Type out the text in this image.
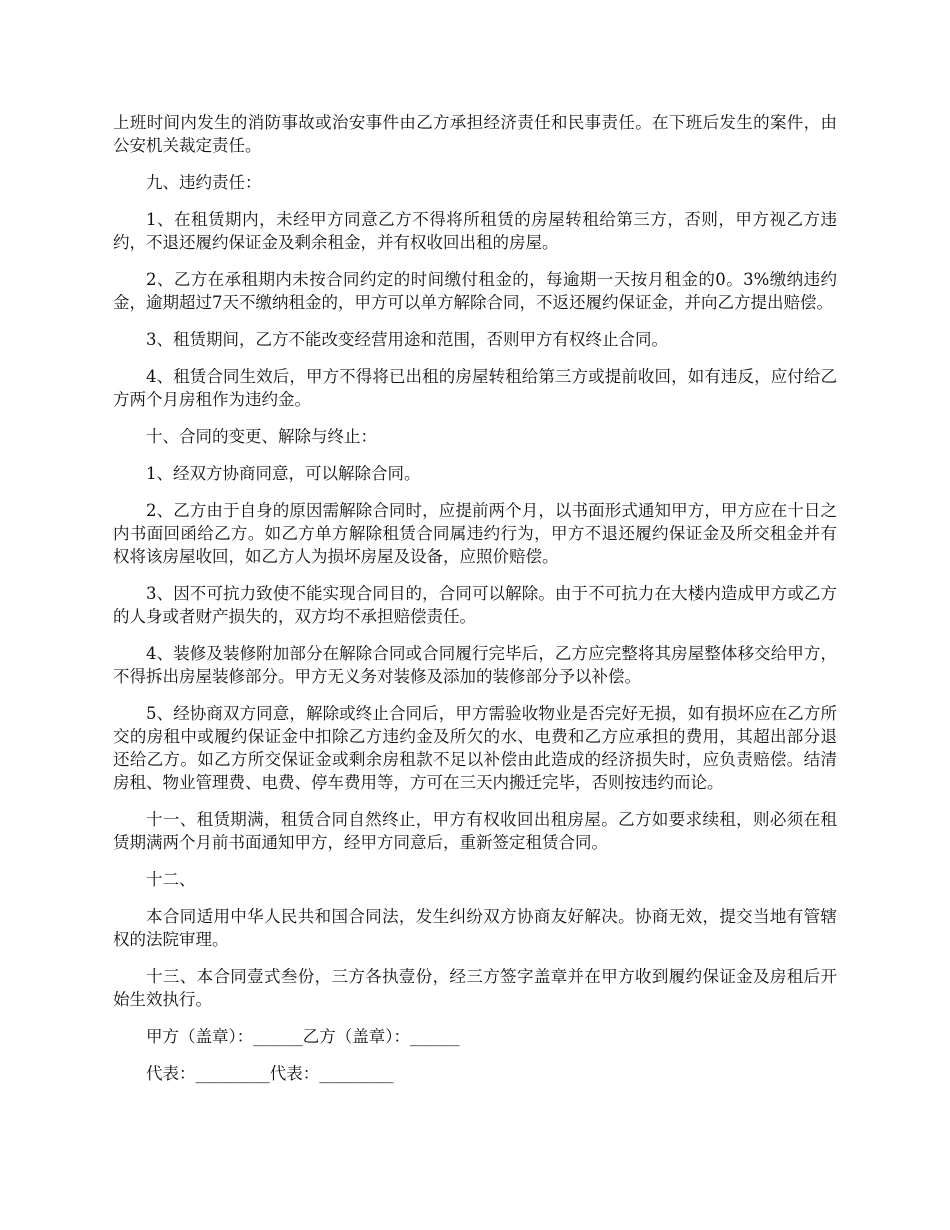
上班时间内发生的消防事故或治安事件由乙方承担经济责任和民事责任。在下班后发生的案件，由公安机关裁定责任。

九、违约责任：

1、在租赁期内，未经甲方同意乙方不得将所租赁的房屋转租给第三方，否则，甲方视乙方违约，不退还履约保证金及剩余租金，并有权收回出租的房屋。

2、乙方在承租期内未按合同约定的时间缴付租金的，每逾期一天按月租金的0。3%缴纳违约金，逾期超过7天不缴纳租金的，甲方可以单方解除合同，不返还履约保证金，并向乙方提出赔偿。

3、租赁期间，乙方不能改变经营用途和范围，否则甲方有权终止合同。

4、租赁合同生效后，甲方不得将已出租的房屋转租给第三方或提前收回，如有违反，应付给乙方两个月房租作为违约金。

十、合同的变更、解除与终止：

1、经双方协商同意，可以解除合同。

2、乙方由于自身的原因需解除合同时，应提前两个月，以书面形式通知甲方，甲方应在十日之内书面回函给乙方。如乙方单方解除租赁合同属违约行为，甲方不退还履约保证金及所交租金并有权将该房屋收回，如乙方人为损坏房屋及设备，应照价赔偿。

3、因不可抗力致使不能实现合同目的，合同可以解除。由于不可抗力在大楼内造成甲方或乙方的人身或者财产损失的，双方均不承担赔偿责任。

4、装修及装修附加部分在解除合同或合同履行完毕后，乙方应完整将其房屋整体移交给甲方，不得拆出房屋装修部分。甲方无义务对装修及添加的装修部分予以补偿。

5、经协商双方同意，解除或终止合同后，甲方需验收物业是否完好无损，如有损坏应在乙方所交的房租中或履约保证金中扣除乙方违约金及所欠的水、电费和乙方应承担的费用，其超出部分退还给乙方。如乙方所交保证金或剩余房租款不足以补偿由此造成的经济损失时，应负责赔偿。结清房租、物业管理费、电费、停车费用等，方可在三天内搬迁完毕，否则按违约而论。

十一、租赁期满，租赁合同自然终止，甲方有权收回出租房屋。乙方如要求续租，则必须在租赁期满两个月前书面通知甲方，经甲方同意后，重新签定租赁合同。

十二、

本合同适用中华人民共和国合同法，发生纠纷双方协商友好解决。协商无效，提交当地有管辖权的法院审理。

十三、本合同壹式叁份，三方各执壹份，经三方签字盖章并在甲方收到履约保证金及房租后开始生效执行。

甲方（盖章）：______乙方（盖章）：______

代表：_________代表：_________
